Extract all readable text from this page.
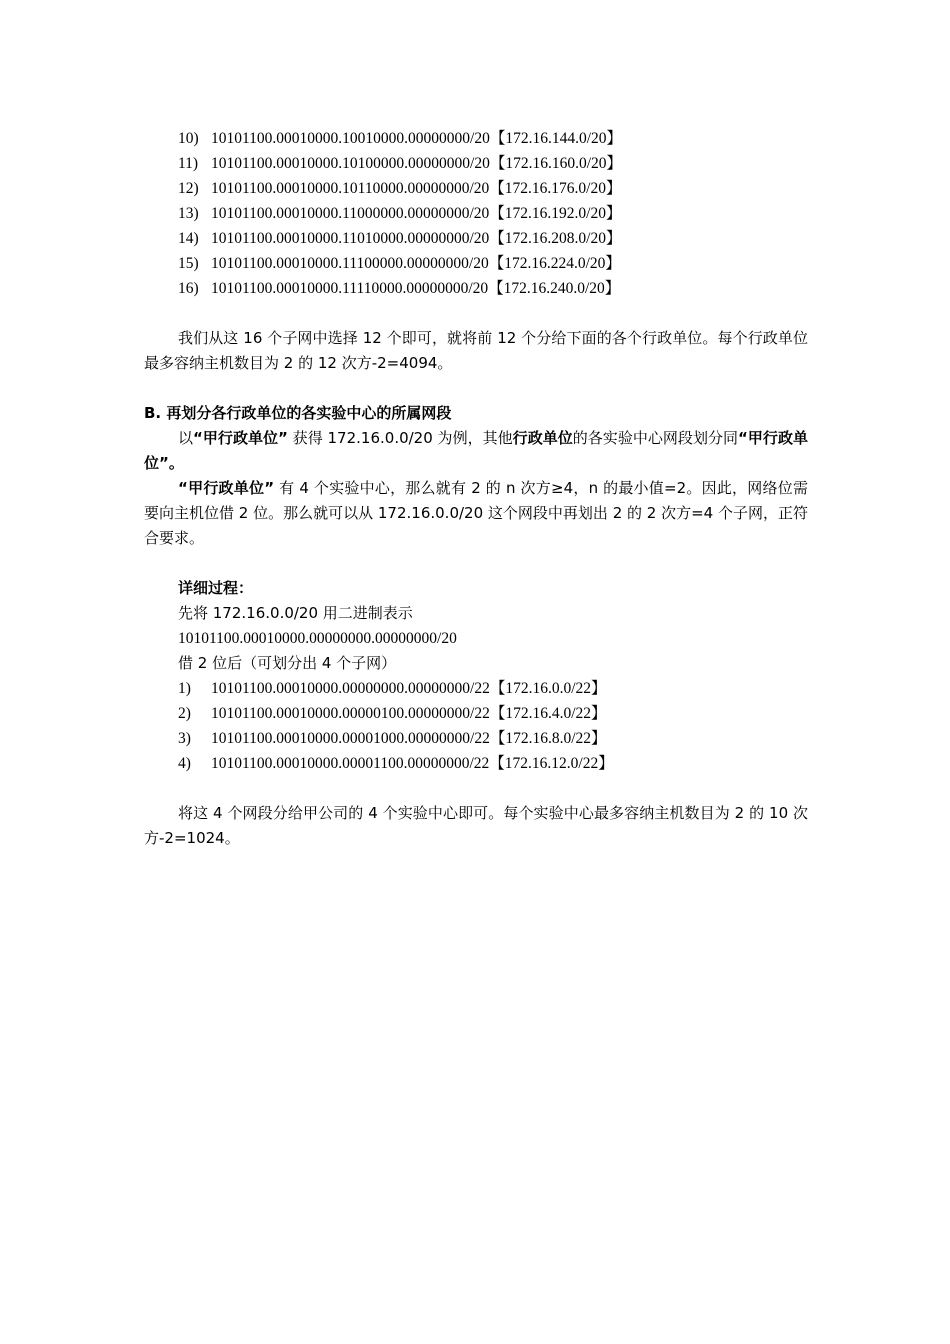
10) 10101100.00010000.10010000.00000000/20【172.16.144.0/20】
11) 10101100.00010000.10100000.00000000/20【172.16.160.0/20】
12) 10101100.00010000.10110000.00000000/20【172.16.176.0/20】
13) 10101100.00010000.11000000.00000000/20【172.16.192.0/20】
14) 10101100.00010000.11010000.00000000/20【172.16.208.0/20】
15) 10101100.00010000.11100000.00000000/20【172.16.224.0/20】
16) 10101100.00010000.11110000.00000000/20【172.16.240.0/20】

我们从这 16 个子网中选择 12 个即可，就将前 12 个分给下面的各个行政单位。每个行政单位最多容纳主机数目为 2 的 12 次方-2=4094。

B. 再划分各行政单位的各实验中心的所属网段

以“甲行政单位” 获得 172.16.0.0/20 为例，其他行政单位的各实验中心网段划分同“甲行政单位”。

“甲行政单位” 有 4 个实验中心，那么就有 2 的 n 次方≥4，n 的最小值=2。因此，网络位需要向主机位借 2 位。那么就可以从 172.16.0.0/20 这个网段中再划出 2 的 2 次方=4 个子网，正符合要求。

详细过程：
先将 172.16.0.0/20 用二进制表示
10101100.00010000.00000000.00000000/20
借 2 位后（可划分出 4 个子网）
1) 10101100.00010000.00000000.00000000/22【172.16.0.0/22】
2) 10101100.00010000.00000100.00000000/22【172.16.4.0/22】
3) 10101100.00010000.00001000.00000000/22【172.16.8.0/22】
4) 10101100.00010000.00001100.00000000/22【172.16.12.0/22】

将这 4 个网段分给甲公司的 4 个实验中心即可。每个实验中心最多容纳主机数目为 2 的 10 次方-2=1024。
